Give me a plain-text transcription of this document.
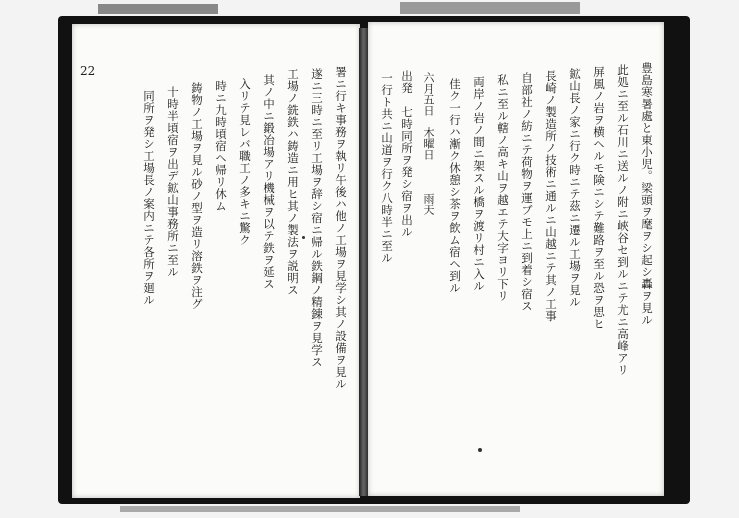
署ニ行キ事務ヲ執リ午後ハ他ノ工場ヲ見学シ其ノ設備ヲ見ル
遂ニ三時ニ至リ工場ヲ辞シ宿ニ帰ル鉄鋼ノ精錬ヲ見学ス
工場ノ銑鉄ハ鋳造ニ用ヒ其ノ製法ヲ説明ス
其ノ中ニ鍛冶場アリ機械ヲ以テ鉄ヲ延ス
入リテ見レバ職工ノ多キニ驚ク
時ニ九時頃宿ヘ帰リ休ム
鋳物ノ工場ヲ見ル砂ノ型ヲ造リ溶鉄ヲ注グ
十時半頃宿ヲ出デ鉱山事務所ニ至ル
同所ヲ発シ工場長ノ案内ニテ各所ヲ廻ル
22	豊島寒暑處と東小児。梁頭ヲ麾ヲシ起シ轟ヲ見ル
此処ニ至ル石川ニ送ルノ附ニ峽谷セ到ルニテ尤ニ高峰アリ
屏風ノ岩ヲ横ヘルモ険ニシテ難路ヲ至ル恐ヲ思ヒ
鉱山長ノ家ニ行ク時ニテ茲ニ遷ル工場ヲ見ル
長崎ノ製造所ノ技術ニ通ルニ山越ニテ其ノ工事
自部社ノ紡ニテ荷物ヲ運ブモ上ニ到着シ宿ス
私ニ至ル轄ノ高キ山ヲ越エテ大字ヨリ下リ
両岸ノ岩ノ間ニ架スル橋ヲ渡リ村ニ入ル
佳ク一行ハ漸ク休憩シ茶ヲ飲ム宿ヘ到ル
六月五日　木曜日　　　雨天
出発　七時同所ヲ発シ宿ヲ出ル
一行ト共ニ山道ヲ行ク八時半ニ至ル
